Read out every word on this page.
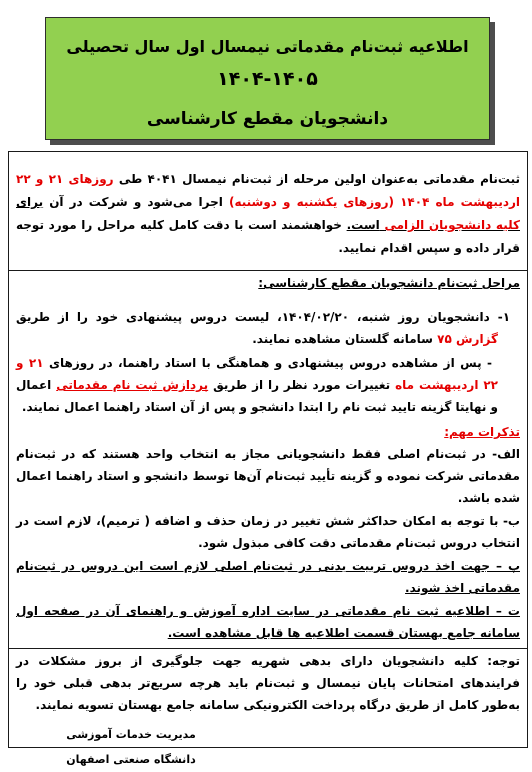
اطلاعیه ثبت‌نام مقدماتی نیمسال اول سال تحصیلی
۱۴۰۴-۱۴۰۵
دانشجویان مقطع کارشناسی

ثبت‌نام مقدماتی به‌عنوان اولین مرحله از ثبت‌نام نیمسال ۴۰۴۱ طی روزهای ۲۱ و ۲۲ اردیبهشت ماه ۱۴۰۴ (روزهای یکشنبه و دوشنبه) اجرا می‌شود و شرکت در آن برای کلیه دانشجویان الزامی است. خواهشمند است با دقت کامل کلیه مراحل را مورد توجه قرار داده و سپس اقدام نمایید.

مراحل ثبت‌نام دانشجویان مقطع کارشناسی:

۱- دانشجویان روز شنبه، ۱۴۰۴/۰۲/۲۰، لیست دروس پیشنهادی خود را از طریق گزارش ۷۵ سامانه گلستان مشاهده نمایند.

- پس از مشاهده دروس پیشنهادی و هماهنگی با استاد راهنما، در روزهای ۲۱ و ۲۲ اردیبهشت ماه تغییرات مورد نظر را از طریق پردازش ثبت نام مقدماتی اعمال و نهایتا گزینه تایید ثبت نام را ابتدا دانشجو و پس از آن استاد راهنما اعمال نمایند.

تذکرات مهم:

الف- در ثبت‌نام اصلی فقط دانشجویانی مجاز به انتخاب واحد هستند که در ثبت‌نام مقدماتی شرکت نموده و گزینه تأیید ثبت‌نام آن‌ها توسط دانشجو و استاد راهنما اعمال شده باشد.

ب- با توجه به امکان حداکثر شش تغییر در زمان حذف و اضافه ( ترمیم)، لازم است در انتخاب دروس ثبت‌نام مقدماتی دقت کافی مبذول شود.

پ – جهت اخذ دروس تربیت بدنی در ثبت‌نام اصلی لازم است این دروس در ثبت‌نام مقدماتی اخذ شوند.

ت – اطلاعیه ثبت نام مقدماتی در سایت اداره آموزش و راهنمای آن در صفحه اول سامانه جامع بهستان قسمت اطلاعیه ها قابل مشاهده است.

توجه: کلیه دانشجویان دارای بدهی شهریه جهت جلوگیری از بروز مشکلات در فرایندهای امتحانات پایان نیمسال و ثبت‌نام باید هرچه سریع‌تر بدهی قبلی خود را به‌طور کامل از طریق درگاه پرداخت الکترونیکی سامانه جامع بهستان تسویه نمایند.

مدیریت خدمات آموزشی
دانشگاه صنعتی اصفهان
